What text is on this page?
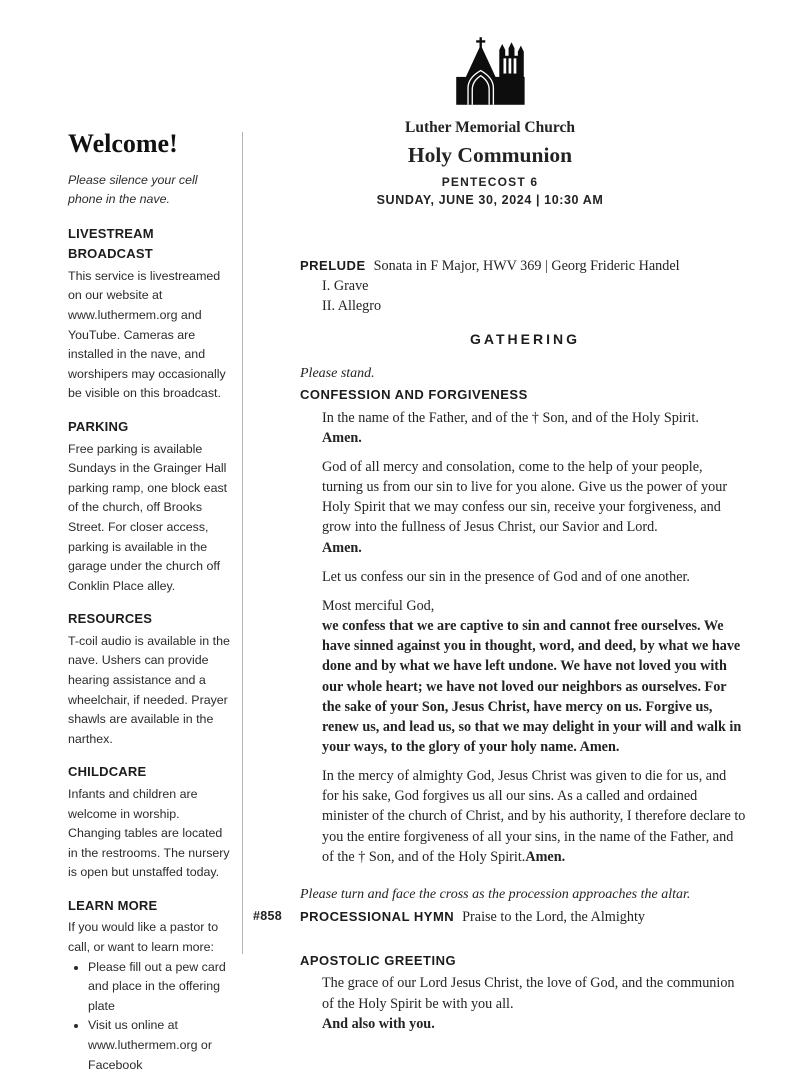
Luther Memorial Church
Holy Communion
PENTECOST 6
SUNDAY, JUNE 30, 2024 | 10:30 AM
Welcome!

Please silence your cell phone in the nave.

LIVESTREAM BROADCAST
This service is livestreamed on our website at www.luthermem.org and YouTube. Cameras are installed in the nave, and worshipers may occasionally be visible on this broadcast.
PARKING
Free parking is available Sundays in the Grainger Hall parking ramp, one block east of the church, off Brooks Street. For closer access, parking is available in the garage under the church off Conklin Place alley.
RESOURCES
T-coil audio is available in the nave. Ushers can provide hearing assistance and a wheelchair, if needed. Prayer shawls are available in the narthex.
CHILDCARE
Infants and children are welcome in worship. Changing tables are located in the restrooms. The nursery is open but unstaffed today.
LEARN MORE
If you would like a pastor to call, or want to learn more:
• Please fill out a pew card and place in the offering plate
• Visit us online at www.luthermem.org or Facebook
PRELUDE Sonata in F Major, HWV 369 | Georg Frideric Handel
I. Grave
II. Allegro
GATHERING

Please stand.

CONFESSION AND FORGIVENESS

In the name of the Father, and of the † Son, and of the Holy Spirit.
Amen.

God of all mercy and consolation, come to the help of your people, turning us from our sin to live for you alone. Give us the power of your Holy Spirit that we may confess our sin, receive your forgiveness, and grow into the fullness of Jesus Christ, our Savior and Lord.
Amen.

Let us confess our sin in the presence of God and of one another.

Most merciful God,
we confess that we are captive to sin and cannot free ourselves. We have sinned against you in thought, word, and deed, by what we have done and by what we have left undone. We have not loved you with our whole heart; we have not loved our neighbors as ourselves. For the sake of your Son, Jesus Christ, have mercy on us. Forgive us, renew us, and lead us, so that we may delight in your will and walk in your ways, to the glory of your holy name. Amen.

In the mercy of almighty God, Jesus Christ was given to die for us, and for his sake, God forgives us all our sins. As a called and ordained minister of the church of Christ, and by his authority, I therefore declare to you the entire forgiveness of all your sins, in the name of the Father, and of the † Son, and of the Holy Spirit.Amen.

Please turn and face the cross as the procession approaches the altar.

#858 PROCESSIONAL HYMN Praise to the Lord, the Almighty
APOSTOLIC GREETING

The grace of our Lord Jesus Christ, the love of God, and the communion of the Holy Spirit be with you all.
And also with you.
